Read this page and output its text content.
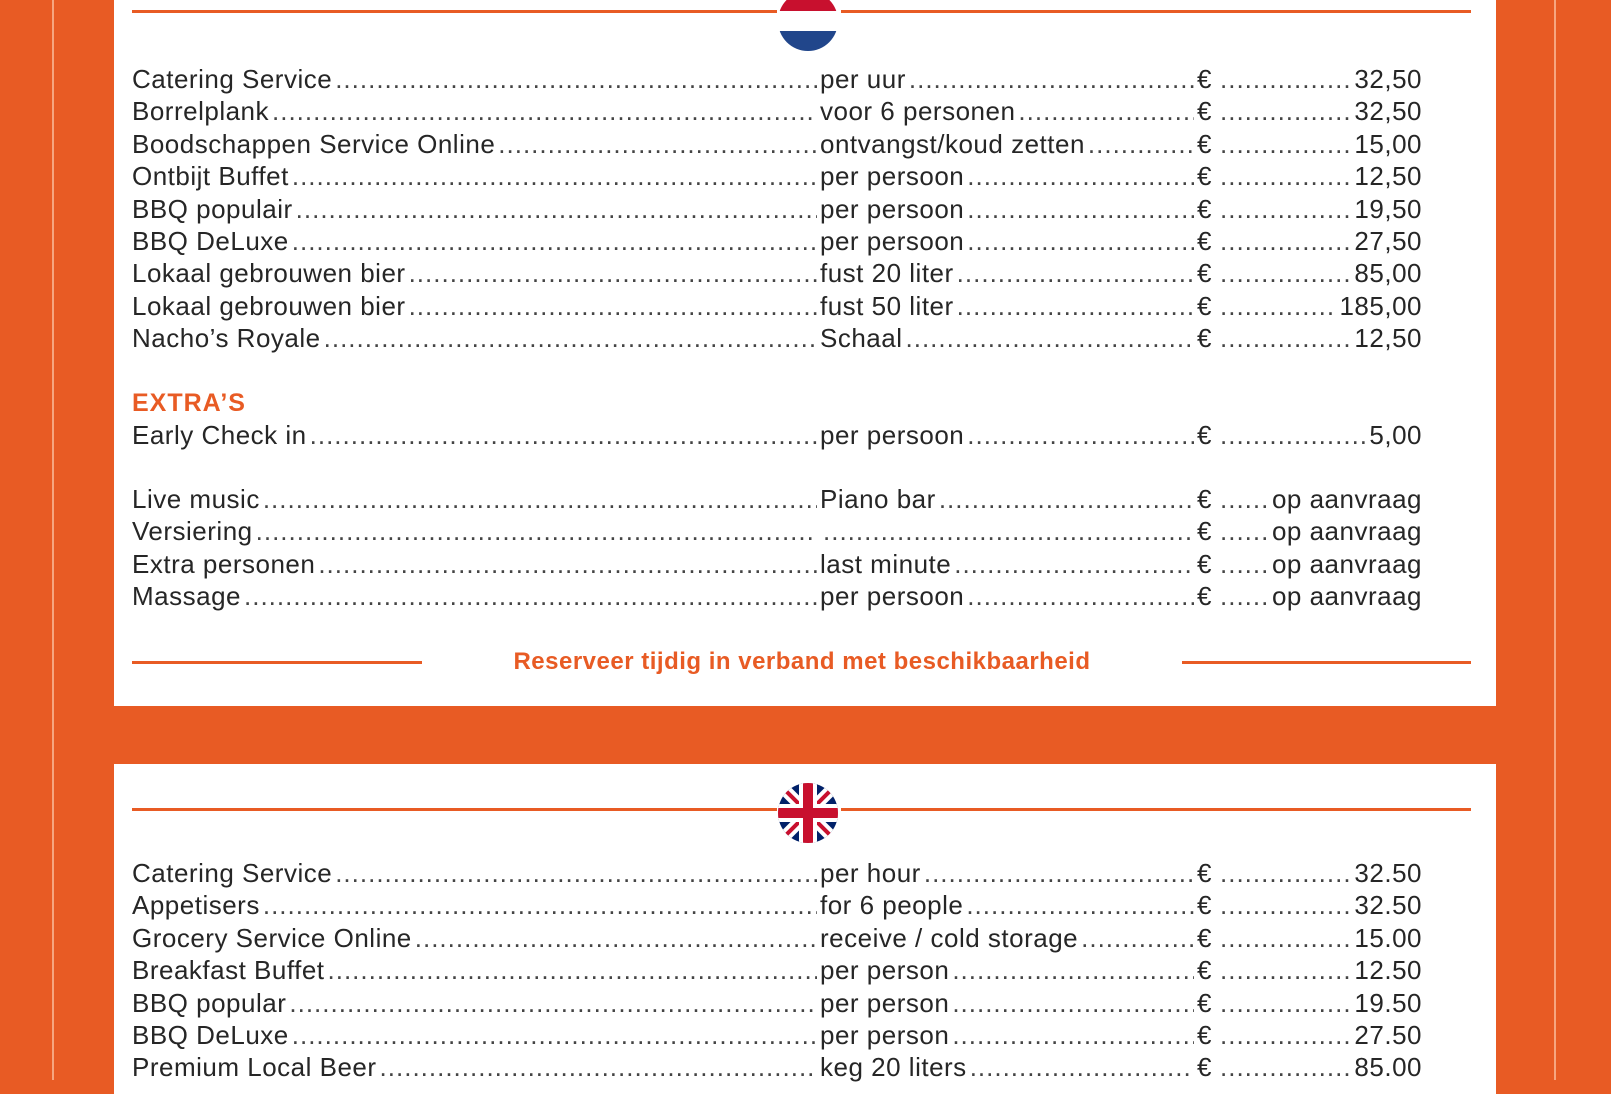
Catering Service .....	per uur .....	€ .....	32,50
Borrelplank .....	voor 6 personen .....	€ .....	32,50
Boodschappen Service Online .....	ontvangst/koud zetten .....	€ .....	15,00
Ontbijt Buffet .....	per persoon .....	€ .....	12,50
BBQ populair .....	per persoon .....	€ .....	19,50
BBQ DeLuxe .....	per persoon .....	€ .....	27,50
Lokaal gebrouwen bier .....	fust 20 liter .....	€ .....	85,00
Lokaal gebrouwen bier .....	fust 50 liter .....	€ .....	185,00
Nacho’s Royale .....	Schaal .....	€ .....	12,50
EXTRA’S
Early Check in .....	per persoon .....	€ .....	5,00
Live music .....	Piano bar .....	€ ..... op aanvraag
Versiering ..... .....	€ ..... op aanvraag
Extra personen .....	last minute .....	€ ..... op aanvraag
Massage .....	per persoon .....	€ ..... op aanvraag
Reserveer tijdig in verband met beschikbaarheid
Catering Service .....	per hour .....	€ .....	32.50
Appetisers .....	for 6 people .....	€ .....	32.50
Grocery Service Online .....	receive / cold storage .....	€ .....	15.00
Breakfast Buffet .....	per person .....	€ .....	12.50
BBQ popular .....	per person .....	€ .....	19.50
BBQ DeLuxe .....	per person .....	€ .....	27.50
Premium Local Beer .....	keg 20 liters .....	€ .....	85.00
